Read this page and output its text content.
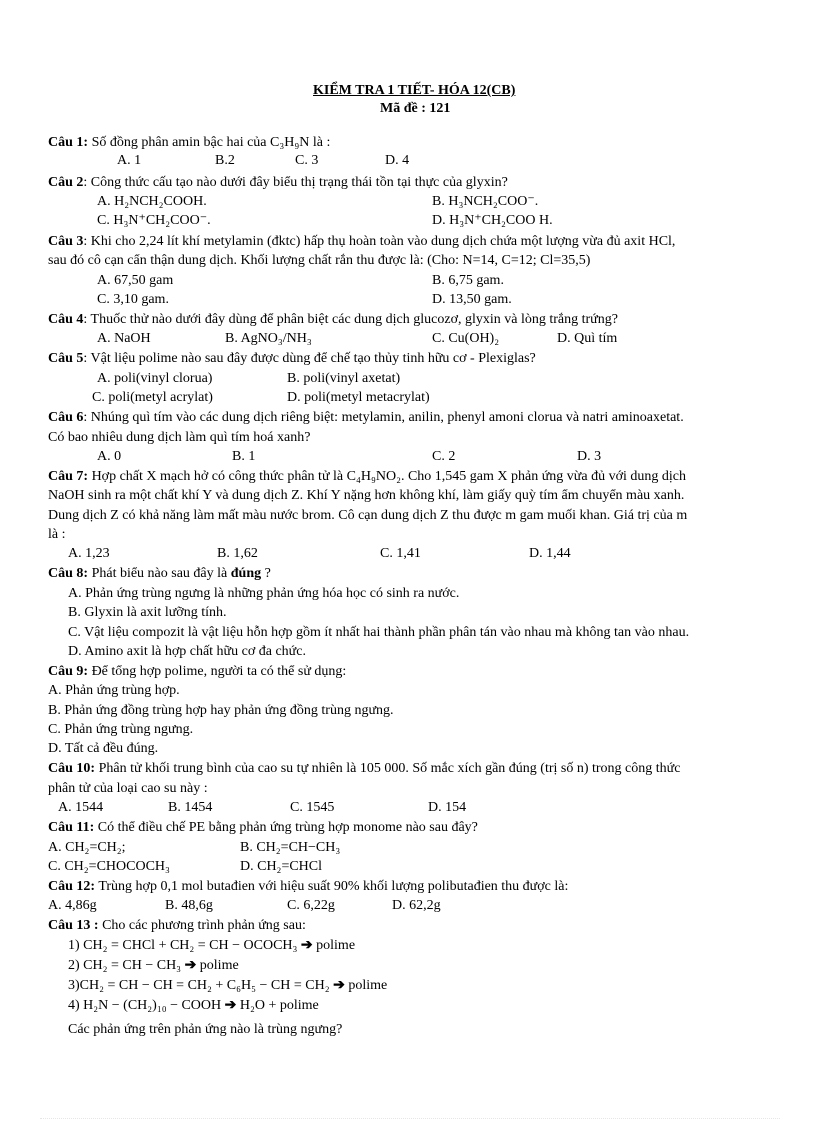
KIỂM TRA 1 TIẾT- HÓA 12(CB)
Mã đề : 121
Câu 1: Số đồng phân amin bậc hai của C₃H₉N là :
A. 1	B.2	C. 3	D. 4
Câu 2: Công thức cấu tạo nào dưới đây biểu thị trạng thái tồn tại thực của glyxin?
A. H₂NCH₂COOH.	B. H₃NCH₂COO⁻.
C. H₃N⁺CH₂COO⁻.	D. H₃N⁺CH₂COO H.
Câu 3: Khi cho 2,24 lít khí metylamin (đktc) hấp thụ hoàn toàn vào dung dịch chứa một lượng vừa đủ axit HCl,
sau đó cô cạn cẩn thận dung dịch. Khối lượng chất rắn thu được là: (Cho: N=14, C=12; Cl=35,5)
A. 67,50 gam	B. 6,75 gam.
C. 3,10 gam.	D. 13,50 gam.
Câu 4: Thuốc thử nào dưới đây dùng để phân biệt các dung dịch glucozơ, glyxin và lòng trắng trứng?
A. NaOH	B. AgNO₃/NH₃	C. Cu(OH)₂	D. Quì tím
Câu 5: Vật liệu polime nào sau đây được dùng để chế tạo thủy tinh hữu cơ - Plexiglas?
A. poli(vinyl clorua)	B. poli(vinyl axetat)
C. poli(metyl acrylat)	D. poli(metyl metacrylat)
Câu 6: Nhúng quì tím vào các dung dịch riêng biệt: metylamin, anilin, phenyl amoni clorua và natri aminoaxetat.
Có bao nhiêu dung dịch làm quì tím hoá xanh?
A. 0	B. 1	C. 2	D. 3
Câu 7: Hợp chất X mạch hở có công thức phân tử là C₄H₉NO₂. Cho 1,545 gam X phản ứng vừa đủ với dung dịch
NaOH sinh ra một chất khí Y và dung dịch Z. Khí Y nặng hơn không khí, làm giấy quỳ tím ẩm chuyển màu xanh.
Dung dịch Z có khả năng làm mất màu nước brom. Cô cạn dung dịch Z thu được m gam muối khan. Giá trị của m
là :
A. 1,23	B. 1,62	C. 1,41	D. 1,44
Câu 8: Phát biểu nào sau đây là đúng ?
A. Phản ứng trùng ngưng là những phản ứng hóa học có sinh ra nước.
B. Glyxin là axit lưỡng tính.
C. Vật liệu compozit là vật liệu hỗn hợp gồm ít nhất hai thành phần phân tán vào nhau mà không tan vào nhau.
D. Amino axit là hợp chất hữu cơ đa chức.
Câu 9: Để tổng hợp polime, người ta có thể sử dụng:
A. Phản ứng trùng hợp.
B. Phản ứng đồng trùng hợp hay phản ứng đồng trùng ngưng.
C. Phản ứng trùng ngưng.
D. Tất cả đều đúng.
Câu 10: Phân tử khối trung bình của cao su tự nhiên là 105 000. Số mắc xích gần đúng (trị số n) trong công thức
phân tử của loại cao su này :
A. 1544	B. 1454	C. 1545	D. 154
Câu 11: Có thể điều chế PE bằng phản ứng trùng hợp monome nào sau đây?
A. CH₂=CH₂;	B. CH₂=CH−CH₃
C. CH₂=CHOCOCH₃	D. CH₂=CHCl
Câu 12: Trùng hợp 0,1 mol butađien với hiệu suất 90% khối lượng polibutađien thu được là:
A. 4,86g	B. 48,6g	C. 6,22g	D. 62,2g
Câu 13 : Cho các phương trình phản ứng sau:
1) CH₂ = CHCl + CH₂ = CH − OCOCH₃ ➔ polime
2) CH₂ = CH − CH₃ ➔ polime
3)CH₂ = CH − CH = CH₂ + C₆H₅ − CH = CH₂ ➔ polime
4) H₂N − (CH₂)₁₀ − COOH ➔ H₂O + polime
Các phản ứng trên phản ứng nào là trùng ngưng?
